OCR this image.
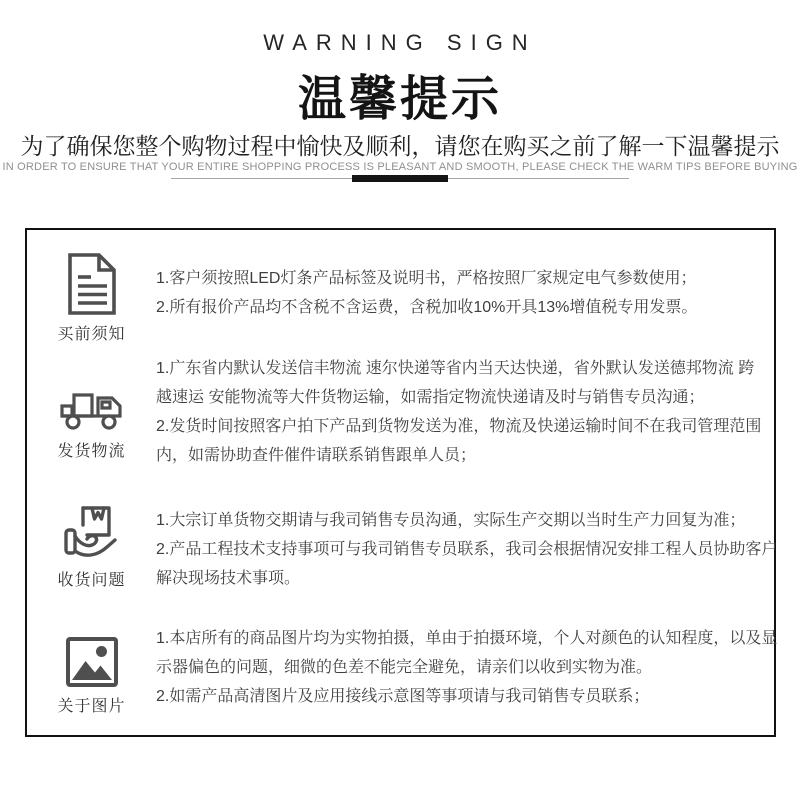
WARNING SIGN
温馨提示
为了确保您整个购物过程中愉快及顺利，请您在购买之前了解一下温馨提示
IN ORDER TO ENSURE THAT YOUR ENTIRE SHOPPING PROCESS IS PLEASANT AND SMOOTH, PLEASE CHECK THE WARM TIPS BEFORE BUYING
买前须知
1.客户须按照LED灯条产品标签及说明书，严格按照厂家规定电气参数使用；
2.所有报价产品均不含税不含运费，含税加收10%开具13%增值税专用发票。
发货物流
1.广东省内默认发送信丰物流 速尔快递等省内当天达快递，省外默认发送德邦物流 跨
越速运 安能物流等大件货物运输，如需指定物流快递请及时与销售专员沟通；
2.发货时间按照客户拍下产品到货物发送为准，物流及快递运输时间不在我司管理范围
内，如需协助查件催件请联系销售跟单人员；
收货问题
1.大宗订单货物交期请与我司销售专员沟通，实际生产交期以当时生产力回复为准；
2.产品工程技术支持事项可与我司销售专员联系，我司会根据情况安排工程人员协助客户
解决现场技术事项。
关于图片
1.本店所有的商品图片均为实物拍摄，单由于拍摄环境，个人对颜色的认知程度，以及显
示器偏色的问题，细微的色差不能完全避免，请亲们以收到实物为准。
2.如需产品高清图片及应用接线示意图等事项请与我司销售专员联系；
